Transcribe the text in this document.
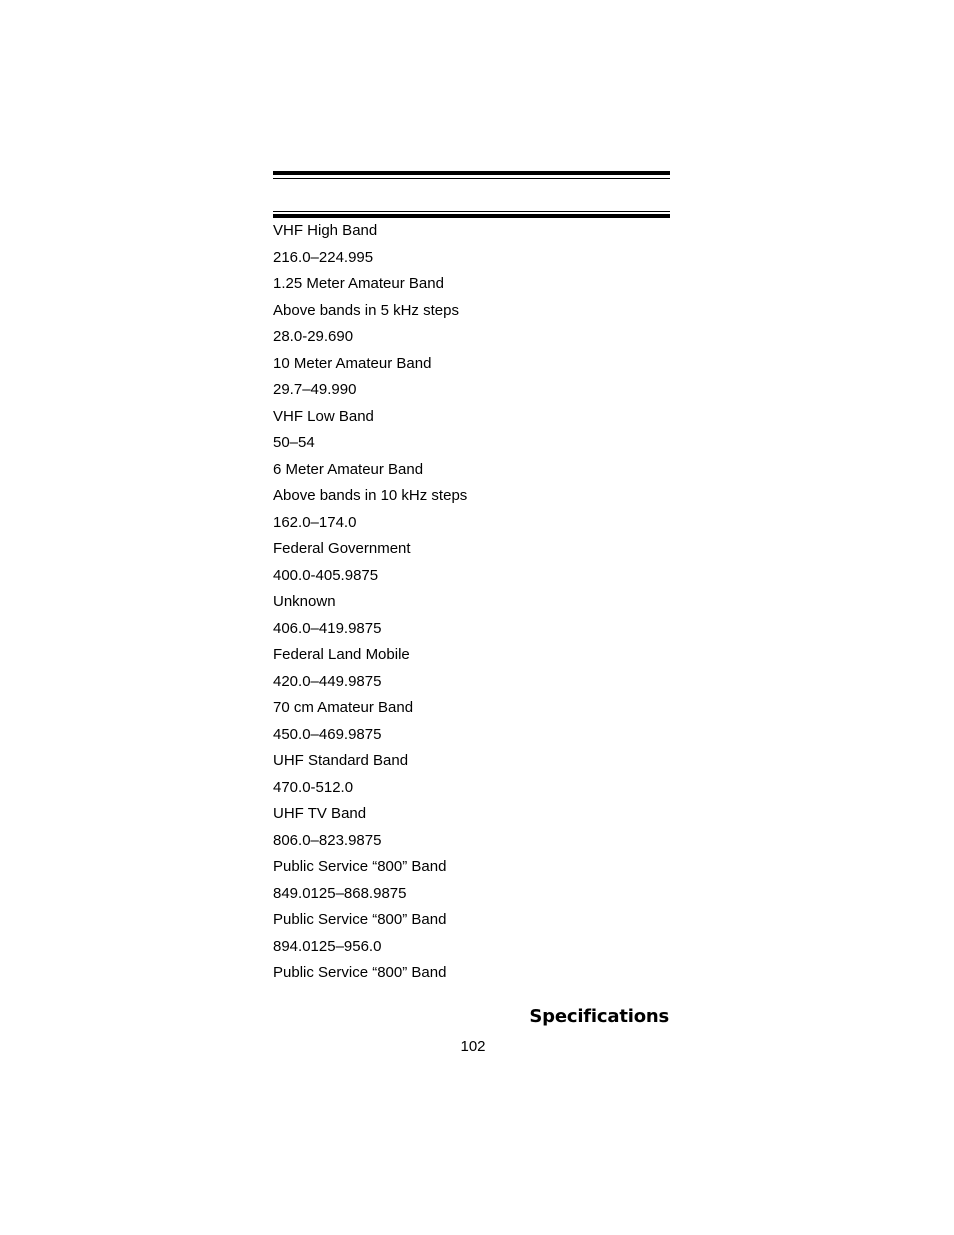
VHF High Band
216.0–224.995
1.25 Meter Amateur Band
Above bands in 5 kHz steps
28.0-29.690
10 Meter Amateur Band
29.7–49.990
VHF Low Band
50–54
6 Meter Amateur Band
Above bands in 10 kHz steps
162.0–174.0
Federal Government
400.0-405.9875
Unknown
406.0–419.9875
Federal Land Mobile
420.0–449.9875
70 cm Amateur Band
450.0–469.9875
UHF Standard Band
470.0-512.0
UHF TV Band
806.0–823.9875
Public Service “800” Band
849.0125–868.9875
Public Service “800” Band
894.0125–956.0
Public Service “800” Band
Specifications
102
